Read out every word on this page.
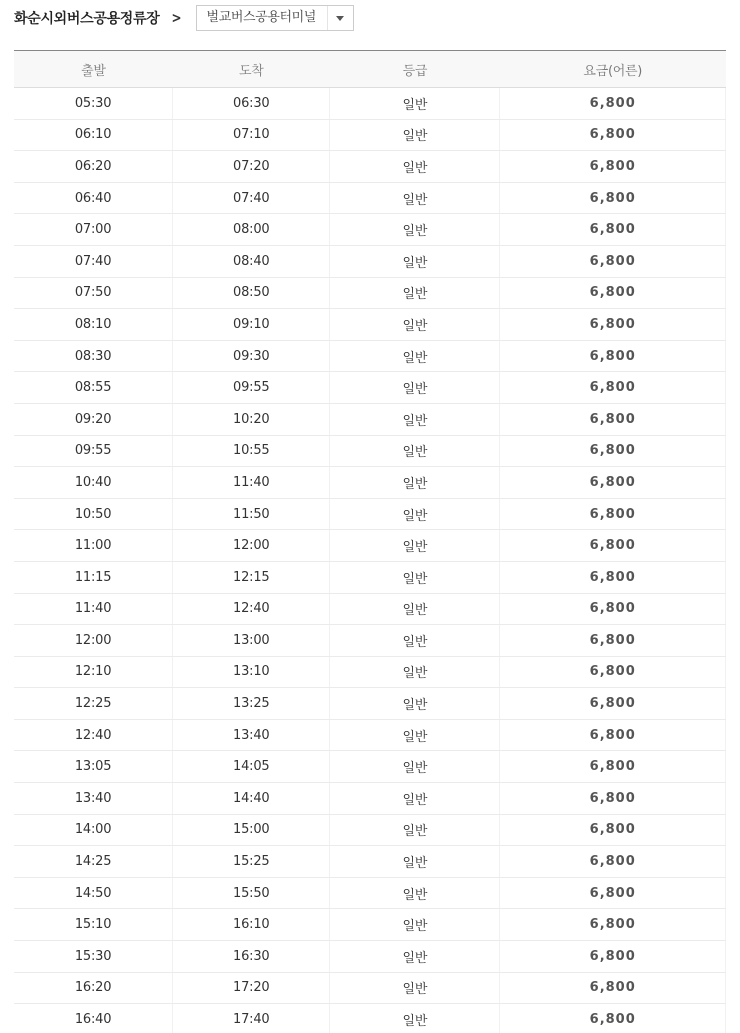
화순시외버스공용정류장 >	벌교버스공용터미널
출발	도착	등급	요금(어른)
05:30	06:30	일반	6,800
06:10	07:10	일반	6,800
06:20	07:20	일반	6,800
06:40	07:40	일반	6,800
07:00	08:00	일반	6,800
07:40	08:40	일반	6,800
07:50	08:50	일반	6,800
08:10	09:10	일반	6,800
08:30	09:30	일반	6,800
08:55	09:55	일반	6,800
09:20	10:20	일반	6,800
09:55	10:55	일반	6,800
10:40	11:40	일반	6,800
10:50	11:50	일반	6,800
11:00	12:00	일반	6,800
11:15	12:15	일반	6,800
11:40	12:40	일반	6,800
12:00	13:00	일반	6,800
12:10	13:10	일반	6,800
12:25	13:25	일반	6,800
12:40	13:40	일반	6,800
13:05	14:05	일반	6,800
13:40	14:40	일반	6,800
14:00	15:00	일반	6,800
14:25	15:25	일반	6,800
14:50	15:50	일반	6,800
15:10	16:10	일반	6,800
15:30	16:30	일반	6,800
16:20	17:20	일반	6,800
16:40	17:40	일반	6,800
